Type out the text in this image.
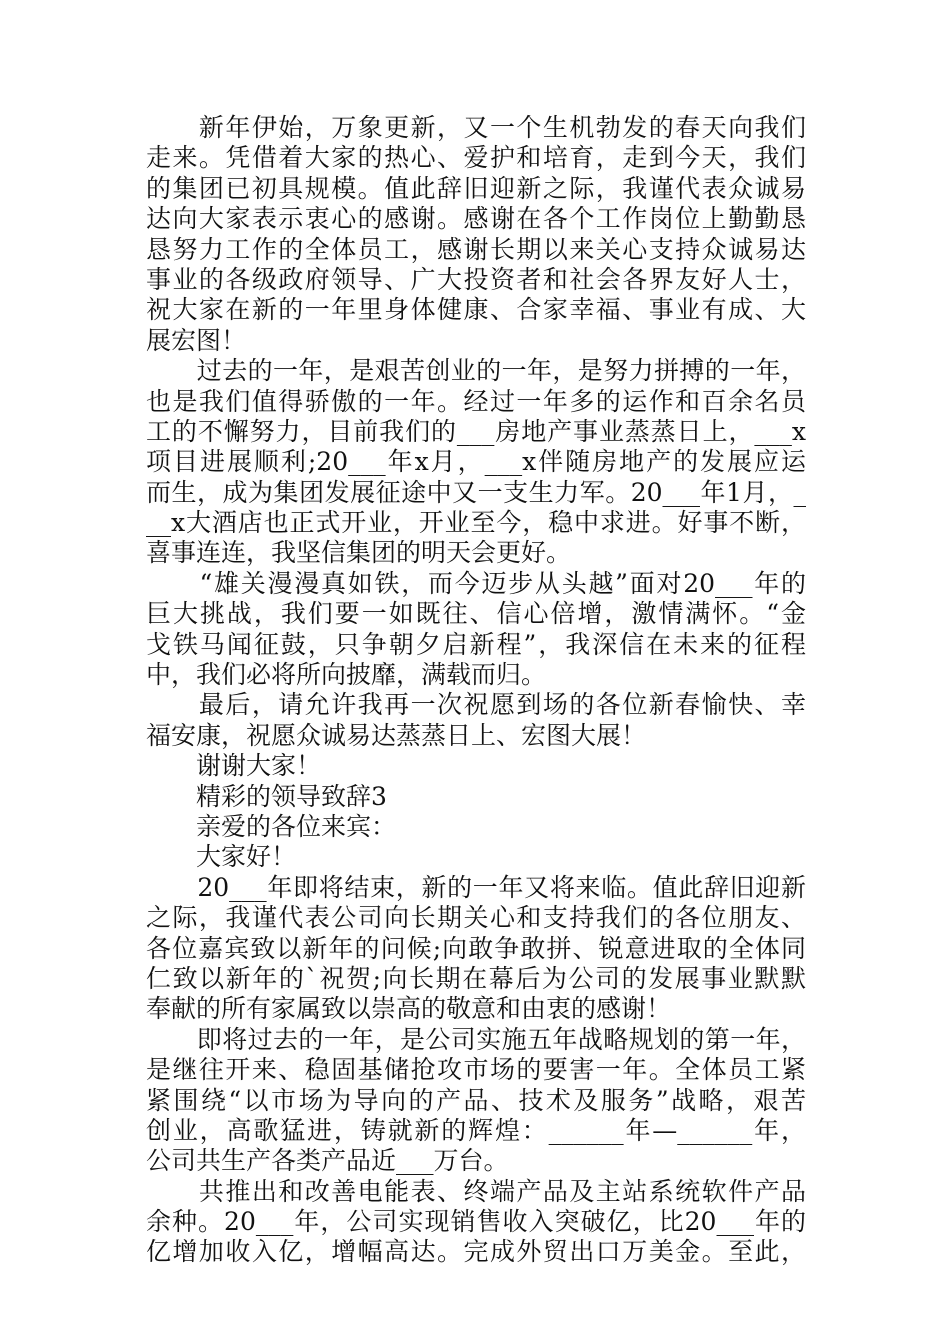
　　新年伊始，万象更新，又一个生机勃发的春天向我们
走来。凭借着大家的热心、爱护和培育，走到今天，我们
的集团已初具规模。值此辞旧迎新之际，我谨代表众诚易
达向大家表示衷心的感谢。感谢在各个工作岗位上勤勤恳
恳努力工作的全体员工，感谢长期以来关心支持众诚易达
事业的各级政府领导、广大投资者和社会各界友好人士，
祝大家在新的一年里身体健康、合家幸福、事业有成、大
展宏图！
　　过去的一年，是艰苦创业的一年，是努力拼搏的一年，
也是我们值得骄傲的一年。经过一年多的运作和百余名员
工的不懈努力，目前我们的___房地产事业蒸蒸日上，___x
项目进展顺利;20___年x月，___x伴随房地产的发展应运
而生，成为集团发展征途中又一支生力军。20___年1月，_
__x大酒店也正式开业，开业至今，稳中求进。好事不断，
喜事连连，我坚信集团的明天会更好。
　　“雄关漫漫真如铁，而今迈步从头越”面对20___年的
巨大挑战，我们要一如既往、信心倍增，激情满怀。“金
戈铁马闻征鼓，只争朝夕启新程”，我深信在未来的征程
中，我们必将所向披靡，满载而归。
　　最后，请允许我再一次祝愿到场的各位新春愉快、幸
福安康，祝愿众诚易达蒸蒸日上、宏图大展！
　　谢谢大家！
　　精彩的领导致辞3
　　亲爱的各位来宾：
　　大家好！
　　20___年即将结束，新的一年又将来临。值此辞旧迎新
之际，我谨代表公司向长期关心和支持我们的各位朋友、
各位嘉宾致以新年的问候;向敢争敢拼、锐意进取的全体同
仁致以新年的`祝贺;向长期在幕后为公司的发展事业默默
奉献的所有家属致以崇高的敬意和由衷的感谢！
　　即将过去的一年，是公司实施五年战略规划的第一年，
是继往开来、稳固基储抢攻市场的要害一年。全体员工紧
紧围绕“以市场为导向的产品、技术及服务”战略，艰苦
创业，高歌猛进，铸就新的辉煌：______年—______年，
公司共生产各类产品近___万台。
　　共推出和改善电能表、终端产品及主站系统软件产品
余种。20___年，公司实现销售收入突破亿，比20___年的
亿增加收入亿，增幅高达。完成外贸出口万美金。至此，
